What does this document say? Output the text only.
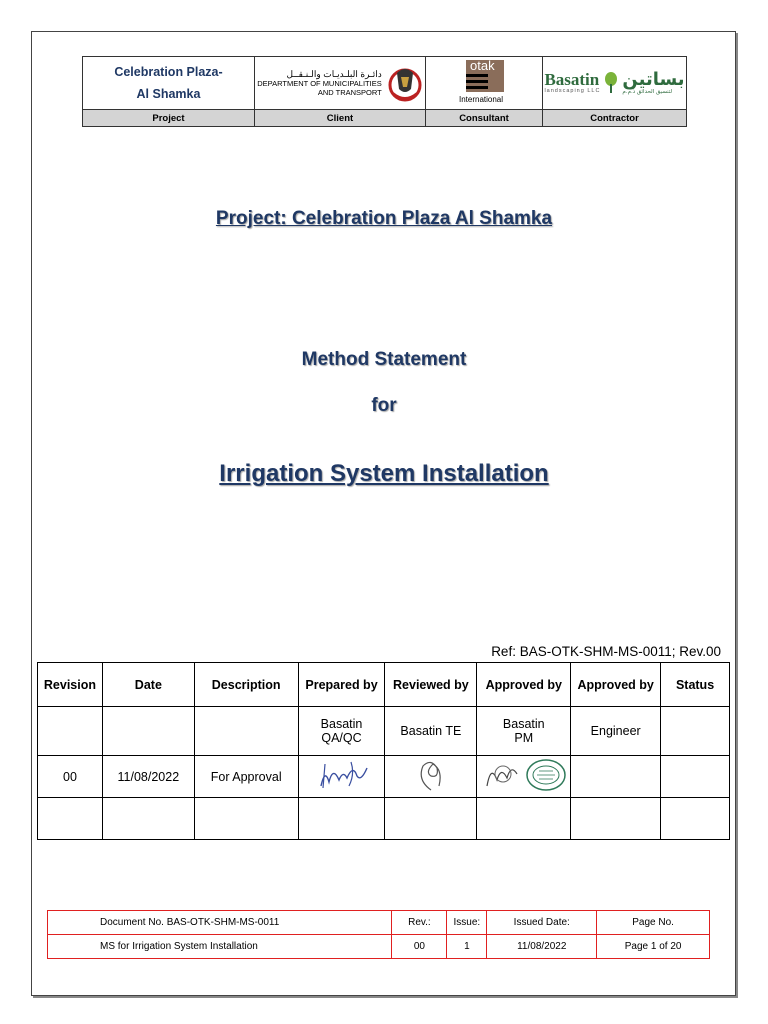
Celebration Plaza- Al Shamka
دائـرة البلـديـات والـنـقــل
DEPARTMENT OF MUNICIPALITIES
AND TRANSPORT
otak
International
Basatin
landscaping LLC
بساتين
لتنسيق الحدائق ذ.م.م
Project	Client	Consultant	Contractor
Project: Celebration Plaza Al Shamka
Method Statement
for
Irrigation System Installation
Ref: BAS-OTK-SHM-MS-0011; Rev.00
Revision	Date	Description	Prepared by	Reviewed by	Approved by	Approved by	Status
			Basatin QA/QC	Basatin TE	Basatin PM	Engineer	
00	11/08/2022	For Approval					

Document No. BAS-OTK-SHM-MS-0011	Rev.:	Issue:	Issued Date:	Page No.
MS for Irrigation System Installation	00	1	11/08/2022	Page 1 of 20
